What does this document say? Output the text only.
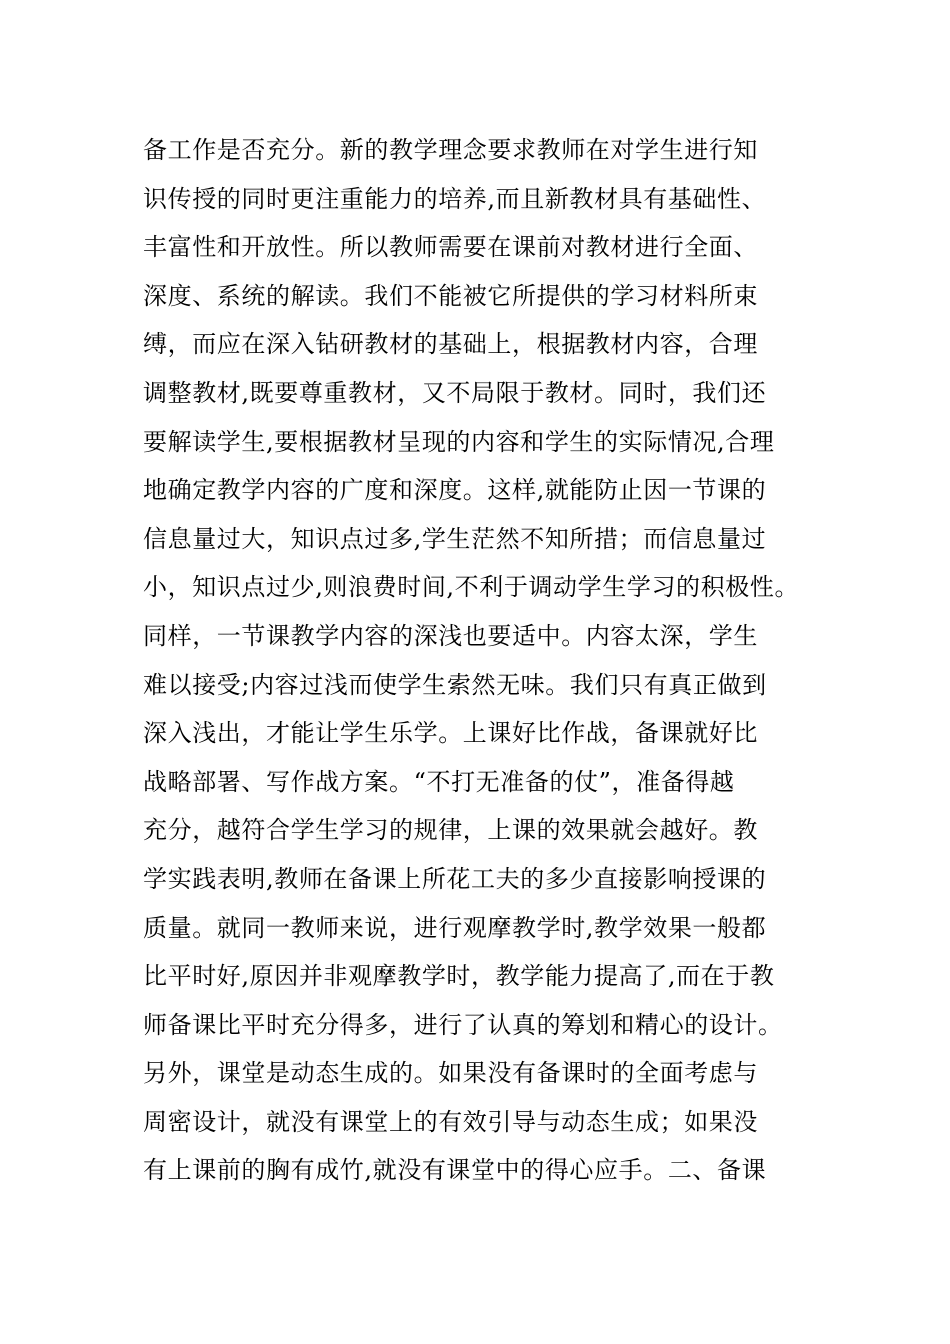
备工作是否充分。新的教学理念要求教师在对学生进行知
识传授的同时更注重能力的培养,而且新教材具有基础性、
丰富性和开放性。所以教师需要在课前对教材进行全面、
深度、系统的解读。我们不能被它所提供的学习材料所束
缚，而应在深入钻研教材的基础上，根据教材内容，合理
调整教材,既要尊重教材，又不局限于教材。同时，我们还
要解读学生,要根据教材呈现的内容和学生的实际情况,合理
地确定教学内容的广度和深度。这样,就能防止因一节课的
信息量过大，知识点过多,学生茫然不知所措；而信息量过
小，知识点过少,则浪费时间,不利于调动学生学习的积极性。
同样，一节课教学内容的深浅也要适中。内容太深，学生
难以接受;内容过浅而使学生索然无味。我们只有真正做到
深入浅出，才能让学生乐学。上课好比作战，备课就好比
战略部署、写作战方案。“不打无准备的仗”，准备得越
充分，越符合学生学习的规律，上课的效果就会越好。教
学实践表明,教师在备课上所花工夫的多少直接影响授课的
质量。就同一教师来说，进行观摩教学时,教学效果一般都
比平时好,原因并非观摩教学时，教学能力提高了,而在于教
师备课比平时充分得多，进行了认真的筹划和精心的设计。
另外，课堂是动态生成的。如果没有备课时的全面考虑与
周密设计，就没有课堂上的有效引导与动态生成；如果没
有上课前的胸有成竹,就没有课堂中的得心应手。二、备课
